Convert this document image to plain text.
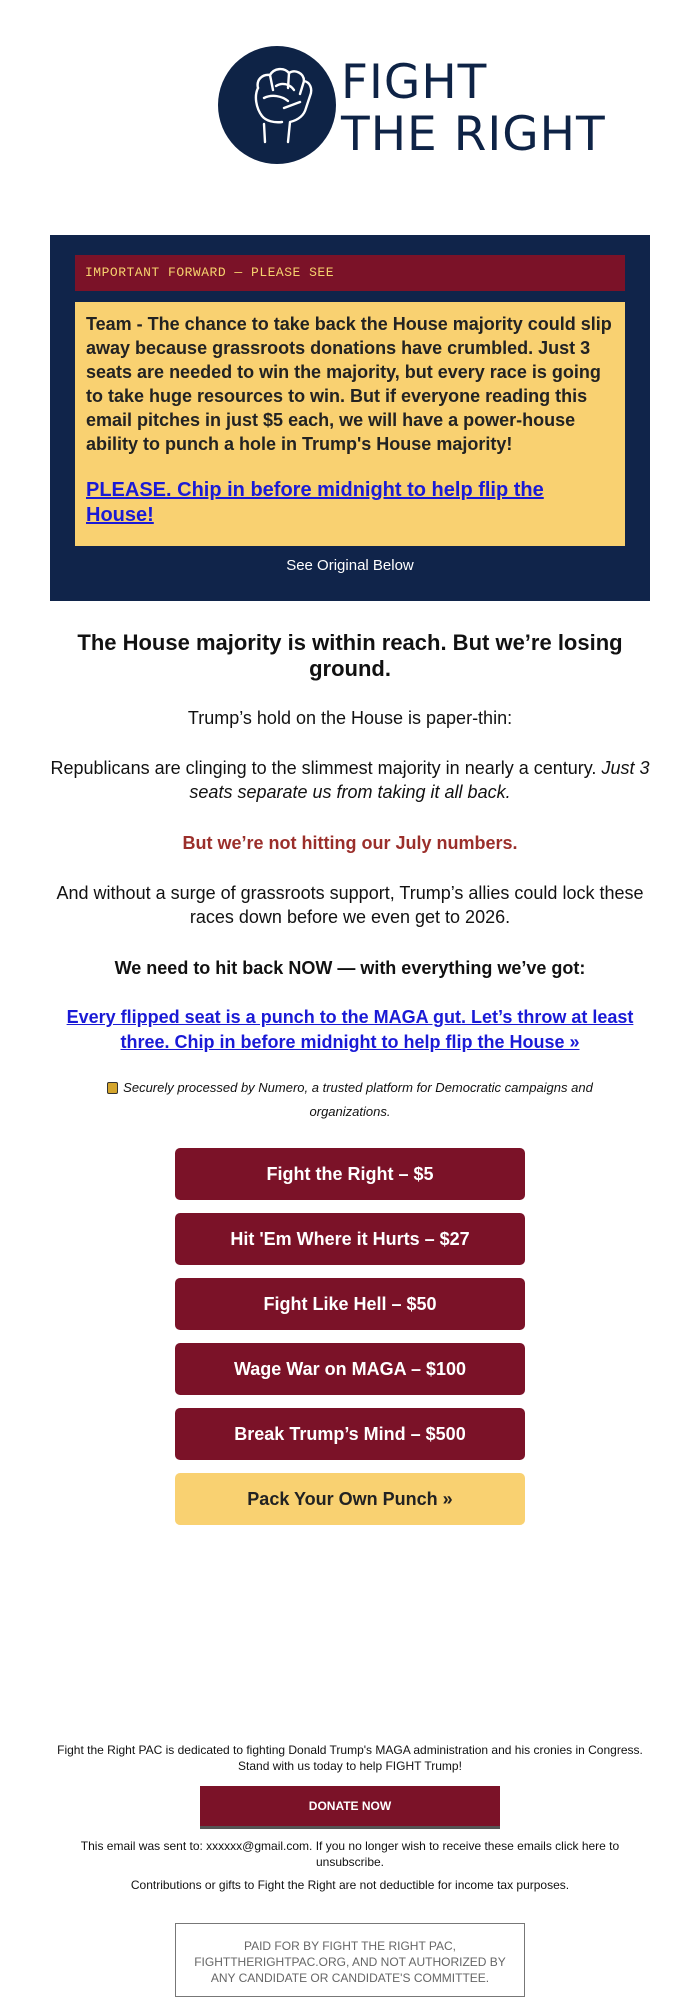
FIGHT
THE RIGHT
IMPORTANT FORWARD — PLEASE SEE

Team - The chance to take back the House majority could slip away because grassroots donations have crumbled. Just 3 seats are needed to win the majority, but every race is going to take huge resources to win. But if everyone reading this email pitches in just $5 each, we will have a power-house ability to punch a hole in Trump's House majority!

PLEASE. Chip in before midnight to help flip the House!
See Original Below
The House majority is within reach. But we’re losing ground.
Trump’s hold on the House is paper-thin:
Republicans are clinging to the slimmest majority in nearly a century. Just 3 seats separate us from taking it all back.
But we’re not hitting our July numbers.
And without a surge of grassroots support, Trump’s allies could lock these races down before we even get to 2026.
We need to hit back NOW — with everything we’ve got:
Every flipped seat is a punch to the MAGA gut. Let’s throw at least three. Chip in before midnight to help flip the House »
Securely processed by Numero, a trusted platform for Democratic campaigns and organizations.
Fight the Right – $5
Hit 'Em Where it Hurts – $27
Fight Like Hell – $50
Wage War on MAGA – $100
Break Trump’s Mind – $500
Pack Your Own Punch »
Fight the Right PAC is dedicated to fighting Donald Trump's MAGA administration and his cronies in Congress. Stand with us today to help FIGHT Trump!
DONATE NOW
This email was sent to: xxxxxx@gmail.com. If you no longer wish to receive these emails click here to unsubscribe.
Contributions or gifts to Fight the Right are not deductible for income tax purposes.
PAID FOR BY FIGHT THE RIGHT PAC, FIGHTTHERIGHTPAC.ORG, AND NOT AUTHORIZED BY ANY CANDIDATE OR CANDIDATE'S COMMITTEE.
